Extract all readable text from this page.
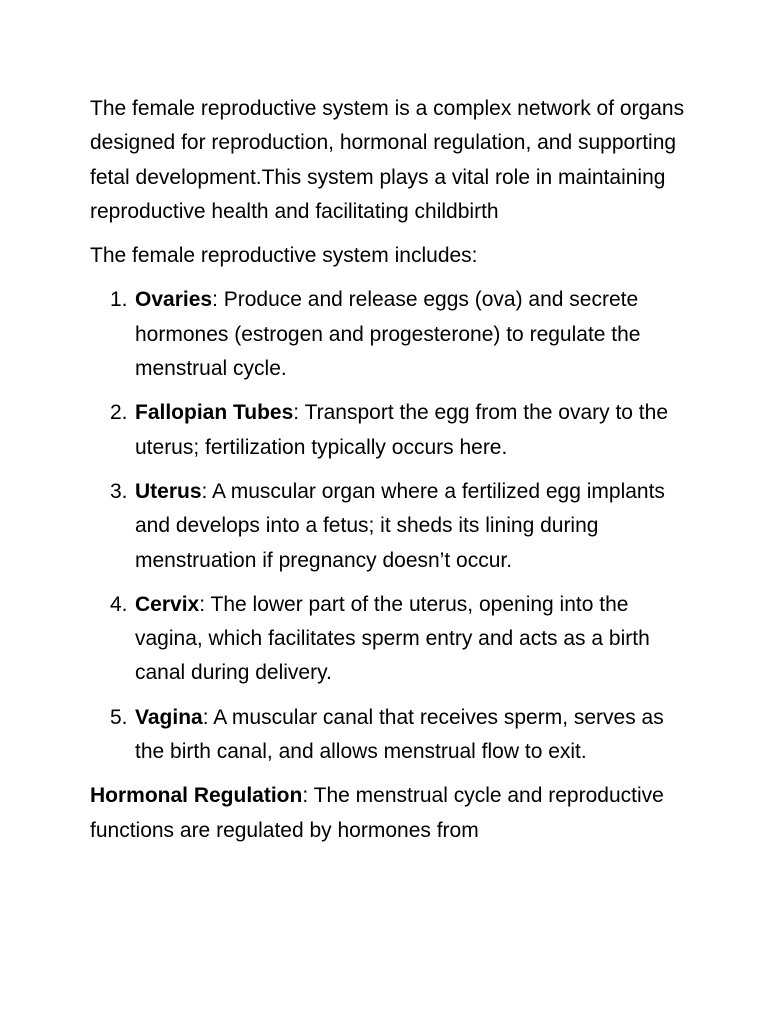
The female reproductive system is a complex network of organs designed for reproduction, hormonal regulation, and supporting fetal development.This system plays a vital role in maintaining reproductive health and facilitating childbirth

The female reproductive system includes:

1. Ovaries: Produce and release eggs (ova) and secrete hormones (estrogen and progesterone) to regulate the menstrual cycle.
2. Fallopian Tubes: Transport the egg from the ovary to the uterus; fertilization typically occurs here.
3. Uterus: A muscular organ where a fertilized egg implants and develops into a fetus; it sheds its lining during menstruation if pregnancy doesn’t occur.
4. Cervix: The lower part of the uterus, opening into the vagina, which facilitates sperm entry and acts as a birth canal during delivery.
5. Vagina: A muscular canal that receives sperm, serves as the birth canal, and allows menstrual flow to exit.

Hormonal Regulation: The menstrual cycle and reproductive functions are regulated by hormones from
